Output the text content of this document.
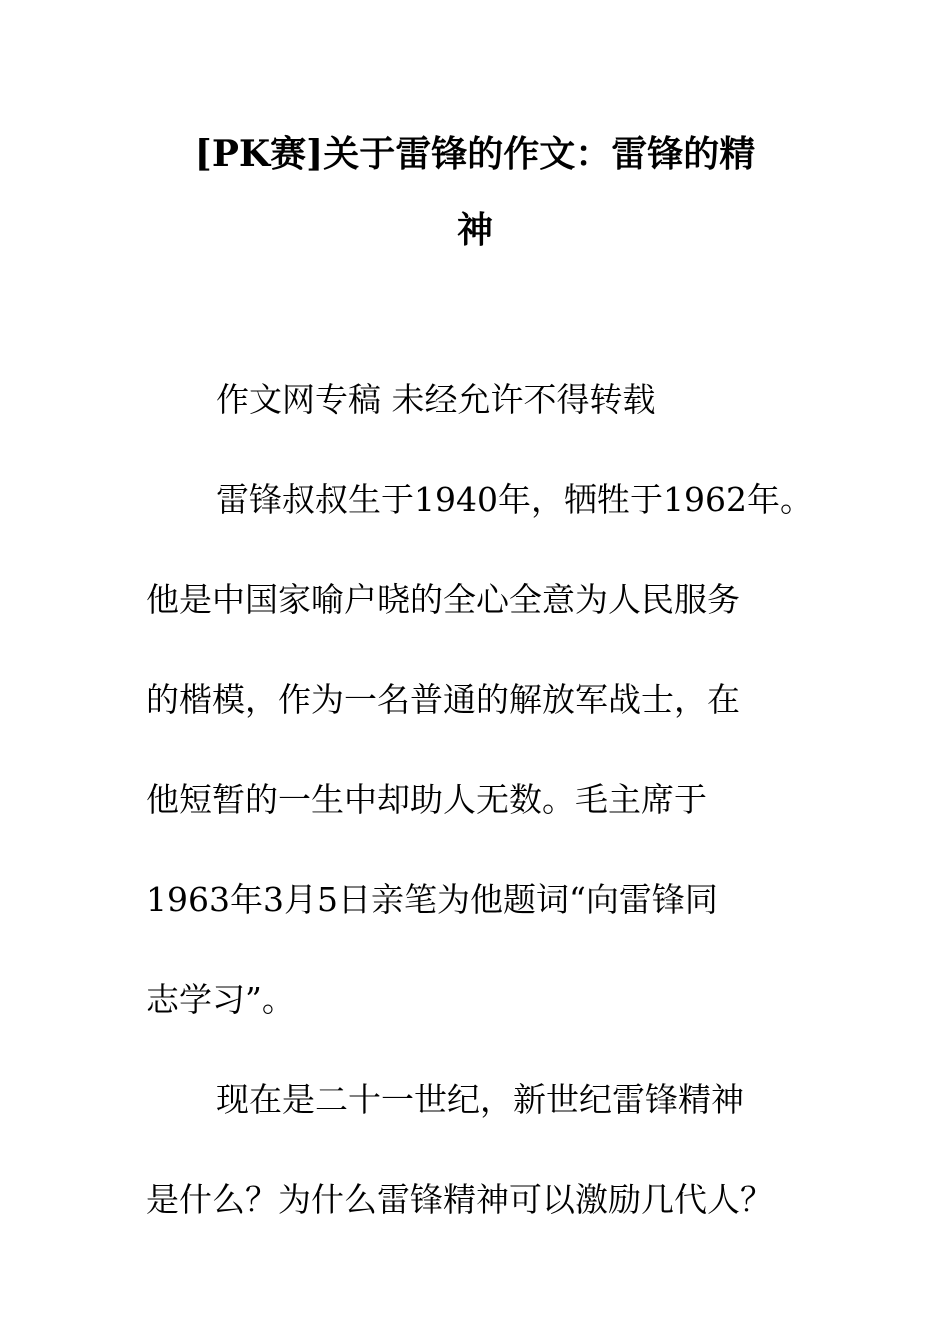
[PK赛]关于雷锋的作文：雷锋的精
神
作文网专稿 未经允许不得转载
雷锋叔叔生于1940年，牺牲于1962年。
他是中国家喻户晓的全心全意为人民服务
的楷模，作为一名普通的解放军战士，在
他短暂的一生中却助人无数。毛主席于
1963年3月5日亲笔为他题词“向雷锋同
志学习”。
现在是二十一世纪，新世纪雷锋精神
是什么？为什么雷锋精神可以激励几代人？
